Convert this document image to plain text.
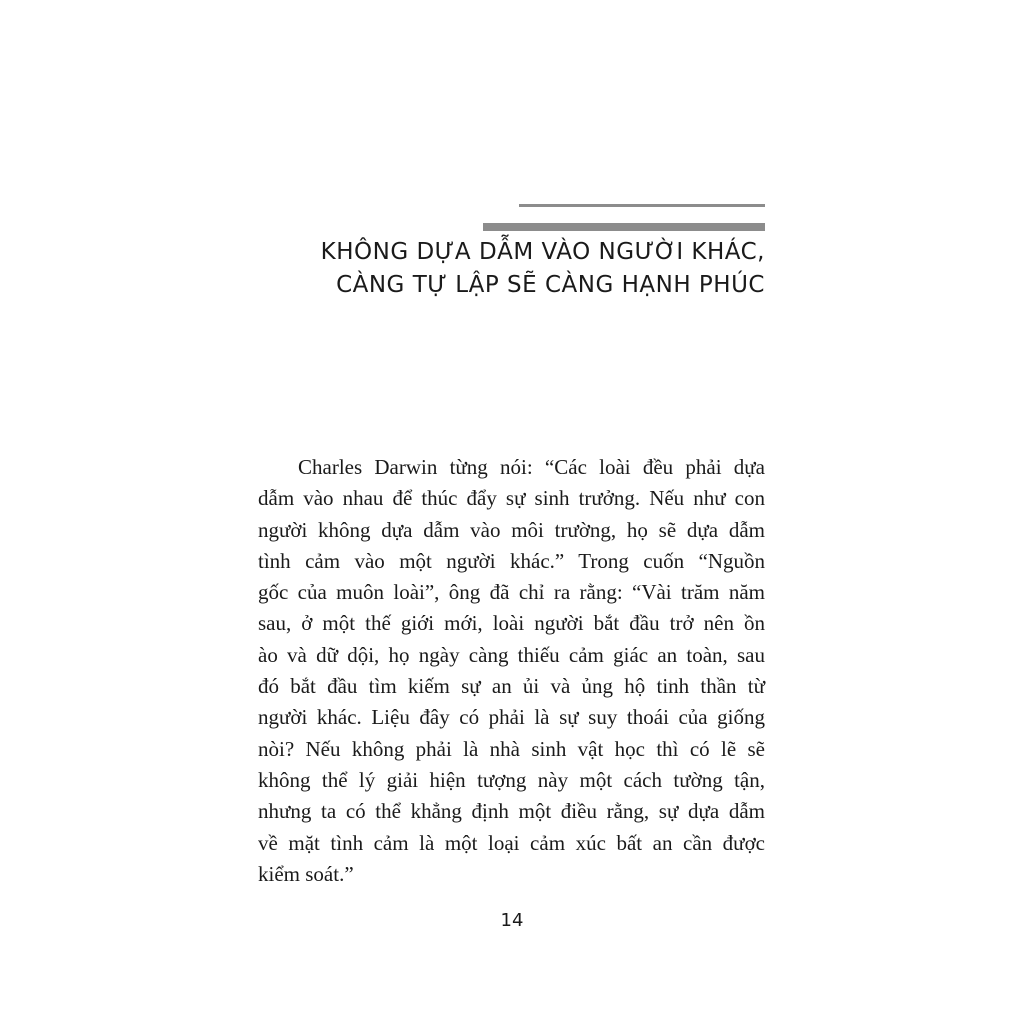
KHÔNG DỰA DẪM VÀO NGƯỜI KHÁC,
CÀNG TỰ LẬP SẼ CÀNG HẠNH PHÚC
Charles Darwin từng nói: “Các loài đều phải dựa
dẫm vào nhau để thúc đẩy sự sinh trưởng. Nếu như con
người không dựa dẫm vào môi trường, họ sẽ dựa dẫm
tình cảm vào một người khác.” Trong cuốn “Nguồn
gốc của muôn loài”, ông đã chỉ ra rằng: “Vài trăm năm
sau, ở một thế giới mới, loài người bắt đầu trở nên ồn
ào và dữ dội, họ ngày càng thiếu cảm giác an toàn, sau
đó bắt đầu tìm kiếm sự an ủi và ủng hộ tinh thần từ
người khác. Liệu đây có phải là sự suy thoái của giống
nòi? Nếu không phải là nhà sinh vật học thì có lẽ sẽ
không thể lý giải hiện tượng này một cách tường tận,
nhưng ta có thể khẳng định một điều rằng, sự dựa dẫm
về mặt tình cảm là một loại cảm xúc bất an cần được
kiểm soát.”
14
